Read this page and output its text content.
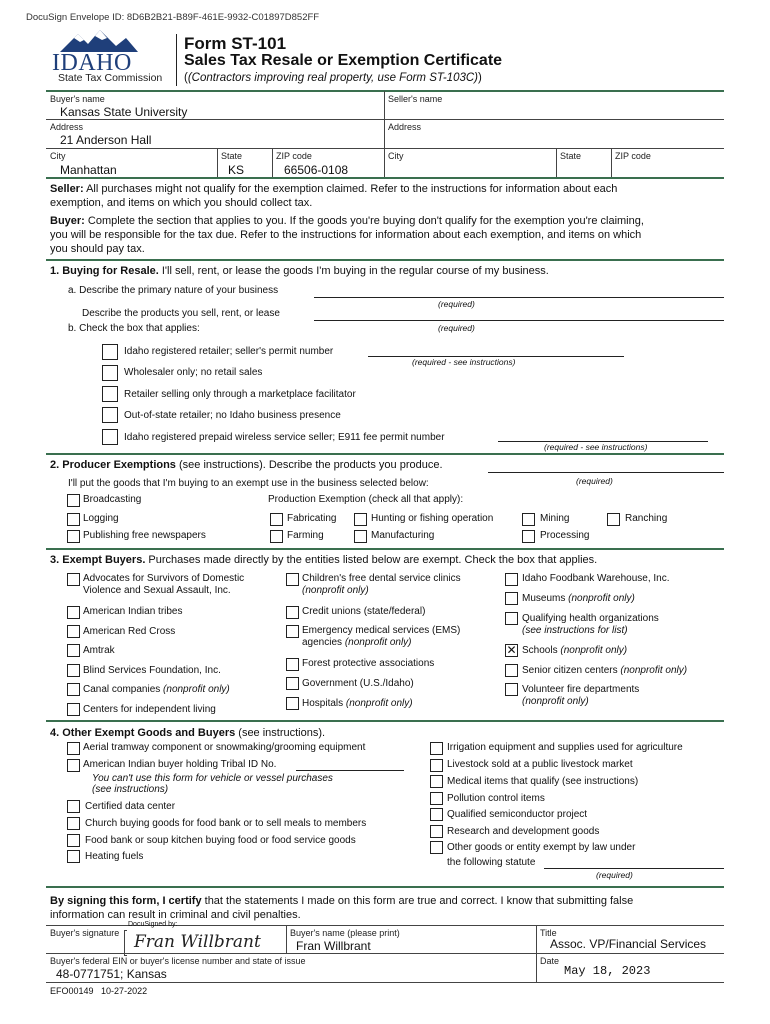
DocuSign Envelope ID: 8D6B2B21-B89F-461E-9932-C01897D852FF
IDAHO
State Tax Commission
Form ST-101
Sales Tax Resale or Exemption Certificate
((Contractors improving real property, use Form ST-103C))
Buyer's name
Kansas State University
Seller's name
Address
21 Anderson Hall
Address
City
Manhattan
State
KS
ZIP code
66506-0108
City	State	ZIP code
Seller: All purchases might not qualify for the exemption claimed. Refer to the instructions for information about each
exemption, and items on which you should collect tax.
Buyer: Complete the section that applies to you. If the goods you're buying don't qualify for the exemption you're claiming,
you will be responsible for the tax due. Refer to the instructions for information about each exemption, and items on which
you should pay tax.
1. Buying for Resale. I'll sell, rent, or lease the goods I'm buying in the regular course of my business.
a. Describe the primary nature of your business
(required)
Describe the products you sell, rent, or lease
b. Check the box that applies:	(required)
Idaho registered retailer; seller's permit number
(required - see instructions)
Wholesaler only; no retail sales
Retailer selling only through a marketplace facilitator
Out-of-state retailer; no Idaho business presence
Idaho registered prepaid wireless service seller; E911 fee permit number
(required - see instructions)
2. Producer Exemptions (see instructions). Describe the products you produce.
(required)
I'll put the goods that I'm buying to an exempt use in the business selected below:
Broadcasting	Production Exemption (check all that apply):
Logging
Publishing free newspapers
Fabricating
Farming
Hunting or fishing operation
Manufacturing
Mining
Processing
Ranching
3. Exempt Buyers. Purchases made directly by the entities listed below are exempt. Check the box that applies.
Advocates for Survivors of Domestic
Violence and Sexual Assault, Inc.
American Indian tribes
American Red Cross
Amtrak
Blind Services Foundation, Inc.
Canal companies (nonprofit only)
Centers for independent living
Children's free dental service clinics
(nonprofit only)
Credit unions (state/federal)
Emergency medical services (EMS)
agencies (nonprofit only)
Forest protective associations
Government (U.S./Idaho)
Hospitals (nonprofit only)
Idaho Foodbank Warehouse, Inc.
Museums (nonprofit only)
Qualifying health organizations
(see instructions for list)
✕ Schools (nonprofit only)
Senior citizen centers (nonprofit only)
Volunteer fire departments
(nonprofit only)
4. Other Exempt Goods and Buyers (see instructions).
Aerial tramway component or snowmaking/grooming equipment
American Indian buyer holding Tribal ID No.
You can't use this form for vehicle or vessel purchases
(see instructions)
Certified data center
Church buying goods for food bank or to sell meals to members
Food bank or soup kitchen buying food or food service goods
Heating fuels
Irrigation equipment and supplies used for agriculture
Livestock sold at a public livestock market
Medical items that qualify (see instructions)
Pollution control items
Qualified semiconductor project
Research and development goods
Other goods or entity exempt by law under
the following statute
(required)
By signing this form, I certify that the statements I made on this form are true and correct. I know that submitting false
information can result in criminal and civil penalties.
Buyer's signature
DocuSigned by:
Fran Willbrant	Buyer's name (please print)
Fran Willbrant
Title
Assoc. VP/Financial Services
Buyer's federal EIN or buyer's license number and state of issue
48-0771751; Kansas
Date
May 18, 2023
EFO00149 10-27-2022
